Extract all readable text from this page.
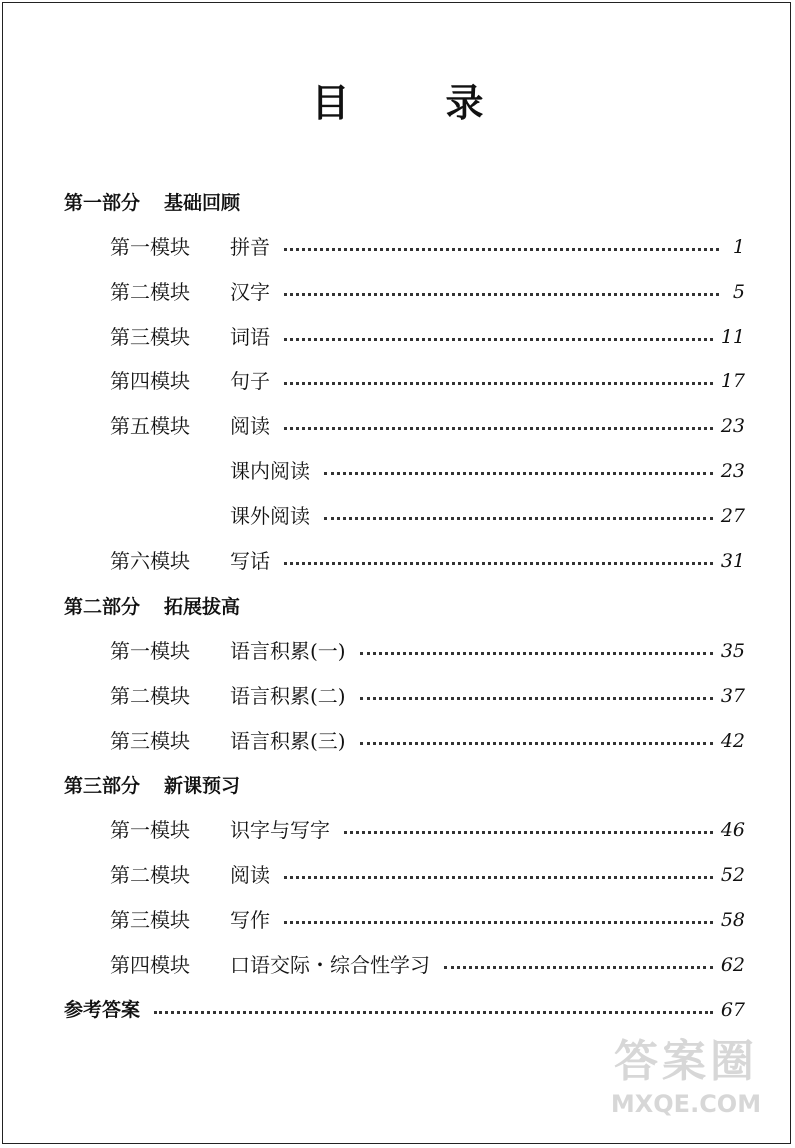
目	录
第一部分 基础回顾
第一模块	拼音	1
第二模块	汉字	5
第三模块	词语	11
第四模块	句子	17
第五模块	阅读	23
课内阅读	23
课外阅读	27
第六模块	写话	31
第二部分 拓展拔高
第一模块	语言积累(一)	35
第二模块	语言积累(二)	37
第三模块	语言积累(三)	42
第三部分 新课预习
第一模块	识字与写字	46
第二模块	阅读	52
第三模块	写作	58
第四模块	口语交际・综合性学习	62
参考答案	67
答案圈
MXQE.COM
